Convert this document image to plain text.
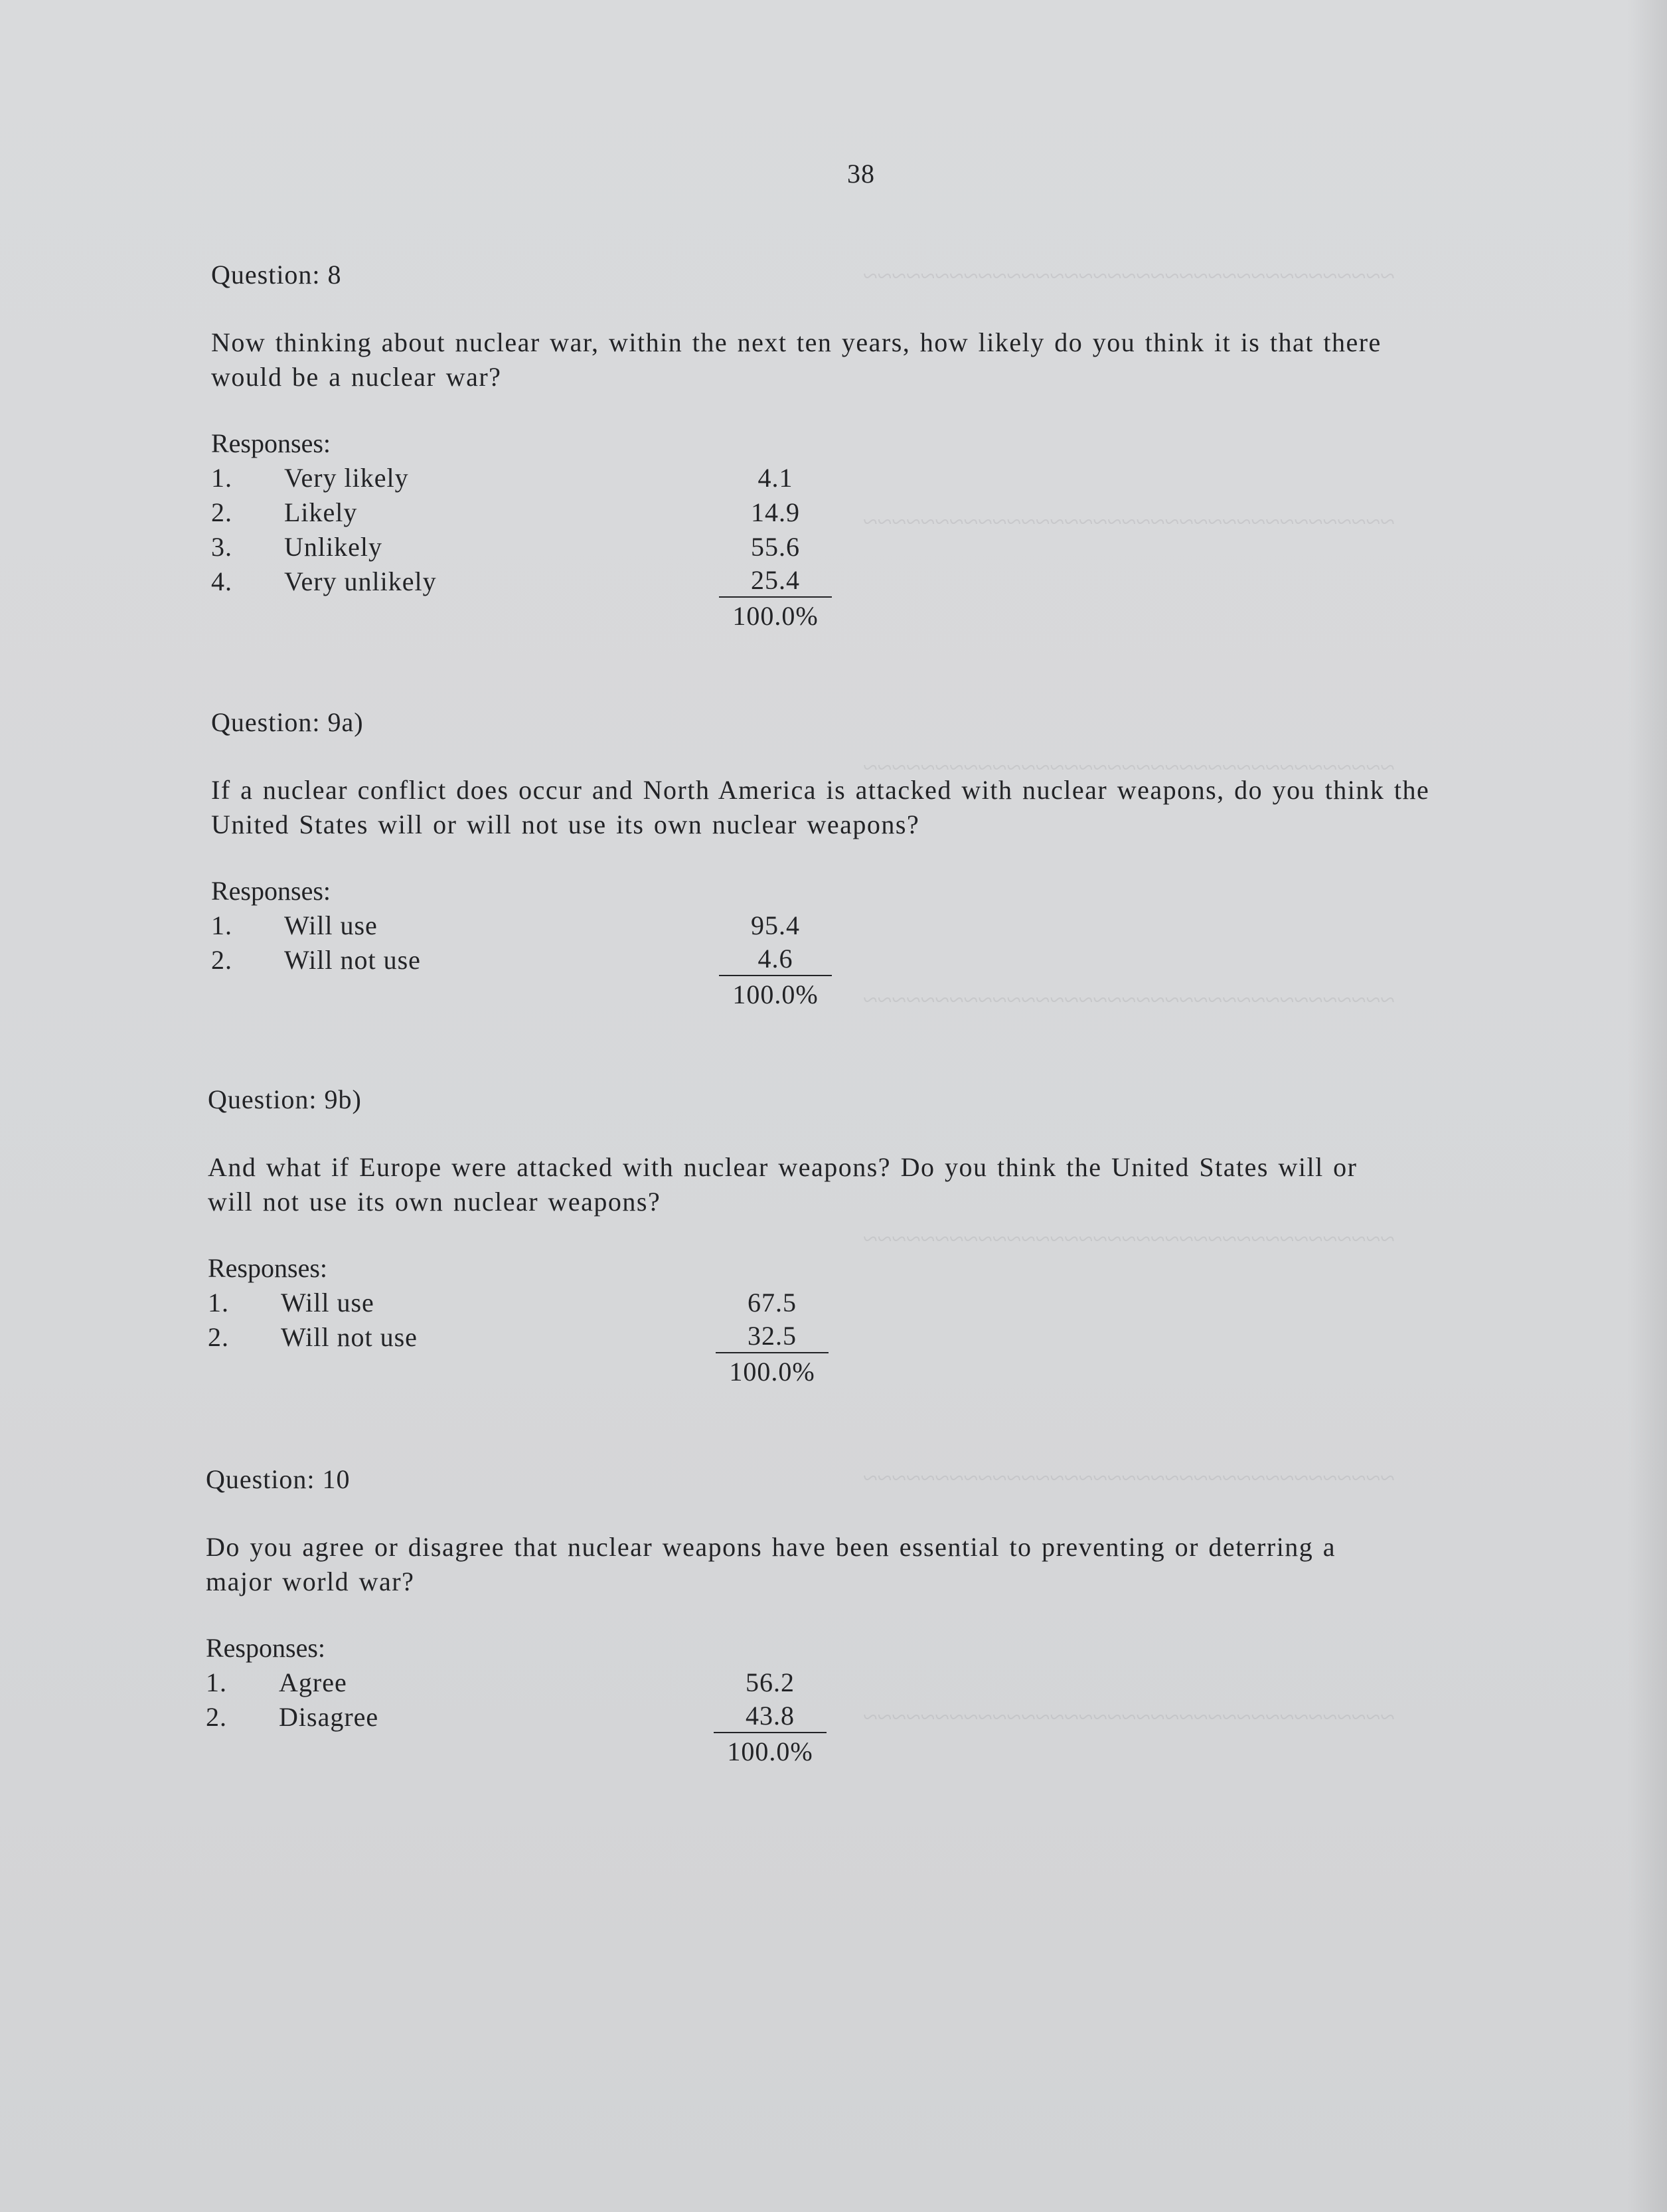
~~~~~~~~~~~~~~~~~~~~~~~~~~~~~~~~~~~~~
~~~~~~~~~~~~~~~~~~~~~~~~~~~~~~~~~~~~~
~~~~~~~~~~~~~~~~~~~~~~~~~~~~~~~~~~~~~
~~~~~~~~~~~~~~~~~~~~~~~~~~~~~~~~~~~~~
~~~~~~~~~~~~~~~~~~~~~~~~~~~~~~~~~~~~~
~~~~~~~~~~~~~~~~~~~~~~~~~~~~~~~~~~~~~
~~~~~~~~~~~~~~~~~~~~~~~~~~~~~~~~~~~~~
38
Question: 8
Now thinking about nuclear war, within the next ten years, how likely do you think it is that there would be a nuclear war?
Responses:
1. Very likely	4.1
2. Likely	14.9
3. Unlikely	55.6
4. Very unlikely	25.4
100.0%
Question: 9a)
If a nuclear conflict does occur and North America is attacked with nuclear weapons, do you think the United States will or will not use its own nuclear weapons?
Responses:
1. Will use	95.4
2. Will not use	4.6
100.0%
Question: 9b)
And what if Europe were attacked with nuclear weapons? Do you think the United States will or will not use its own nuclear weapons?
Responses:
1. Will use	67.5
2. Will not use	32.5
100.0%
Question: 10
Do you agree or disagree that nuclear weapons have been essential to preventing or deterring a major world war?
Responses:
1. Agree	56.2
2. Disagree	43.8
100.0%
